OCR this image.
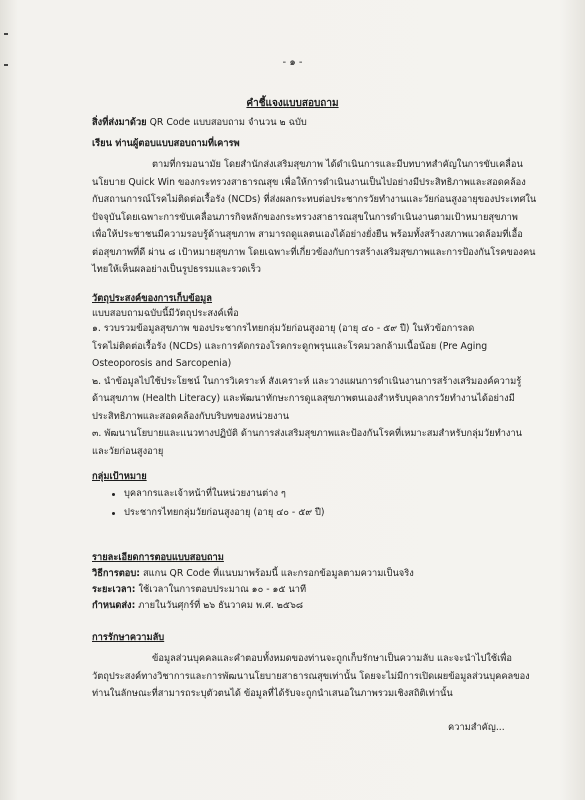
- ๑ -
คำชี้แจงแบบสอบถาม
สิ่งที่ส่งมาด้วย QR Code แบบสอบถาม จำนวน ๒ ฉบับ
เรียน ท่านผู้ตอบแบบสอบถามที่เคารพ
ตามที่กรมอนามัย โดยสำนักส่งเสริมสุขภาพ ได้ดำเนินการและมีบทบาทสำคัญในการขับเคลื่อน
นโยบาย Quick Win ของกระทรวงสาธารณสุข เพื่อให้การดำเนินงานเป็นไปอย่างมีประสิทธิภาพและสอดคล้อง
กับสถานการณ์โรคไม่ติดต่อเรื้อรัง (NCDs) ที่ส่งผลกระทบต่อประชากรวัยทำงานและวัยก่อนสูงอายุของประเทศใน
ปัจจุบันโดยเฉพาะการขับเคลื่อนภารกิจหลักของกระทรวงสาธารณสุขในการดำเนินงานตามเป้าหมายสุขภาพ
เพื่อให้ประชาชนมีความรอบรู้ด้านสุขภาพ สามารถดูแลตนเองได้อย่างยั่งยืน พร้อมทั้งสร้างสภาพแวดล้อมที่เอื้อ
ต่อสุขภาพที่ดี ผ่าน ๘ เป้าหมายสุขภาพ โดยเฉพาะที่เกี่ยวข้องกับการสร้างเสริมสุขภาพและการป้องกันโรคของคน
ไทยให้เห็นผลอย่างเป็นรูปธรรมและรวดเร็ว
วัตถุประสงค์ของการเก็บข้อมูล
แบบสอบถามฉบับนี้มีวัตถุประสงค์เพื่อ
๑. รวบรวมข้อมูลสุขภาพ ของประชากรไทยกลุ่มวัยก่อนสูงอายุ (อายุ ๔๐ - ๕๙ ปี) ในหัวข้อการลด
โรคไม่ติดต่อเรื้อรัง (NCDs) และการคัดกรองโรคกระดูกพรุนและโรคมวลกล้ามเนื้อน้อย (Pre Aging
Osteoporosis and Sarcopenia)
๒. นำข้อมูลไปใช้ประโยชน์ ในการวิเคราะห์ สังเคราะห์ และวางแผนการดำเนินงานการสร้างเสริมองค์ความรู้
ด้านสุขภาพ (Health Literacy) และพัฒนาทักษะการดูแลสุขภาพตนเองสำหรับบุคลากรวัยทำงานได้อย่างมี
ประสิทธิภาพและสอดคล้องกับบริบทของหน่วยงาน
๓. พัฒนานโยบายและแนวทางปฏิบัติ ด้านการส่งเสริมสุขภาพและป้องกันโรคที่เหมาะสมสำหรับกลุ่มวัยทำงาน
และวัยก่อนสูงอายุ
กลุ่มเป้าหมาย
บุคลากรและเจ้าหน้าที่ในหน่วยงานต่าง ๆ
ประชากรไทยกลุ่มวัยก่อนสูงอายุ (อายุ ๔๐ - ๕๙ ปี)
รายละเอียดการตอบแบบสอบถาม
วิธีการตอบ: สแกน QR Code ที่แนบมาพร้อมนี้ และกรอกข้อมูลตามความเป็นจริง
ระยะเวลา: ใช้เวลาในการตอบประมาณ ๑๐ - ๑๕ นาที
กำหนดส่ง: ภายในวันศุกร์ที่ ๒๖ ธันวาคม พ.ศ. ๒๕๖๘
การรักษาความลับ
ข้อมูลส่วนบุคคลและคำตอบทั้งหมดของท่านจะถูกเก็บรักษาเป็นความลับ และจะนำไปใช้เพื่อ
วัตถุประสงค์ทางวิชาการและการพัฒนานโยบายสาธารณสุขเท่านั้น โดยจะไม่มีการเปิดเผยข้อมูลส่วนบุคคลของ
ท่านในลักษณะที่สามารถระบุตัวตนได้ ข้อมูลที่ได้รับจะถูกนำเสนอในภาพรวมเชิงสถิติเท่านั้น
ความสำคัญ...
